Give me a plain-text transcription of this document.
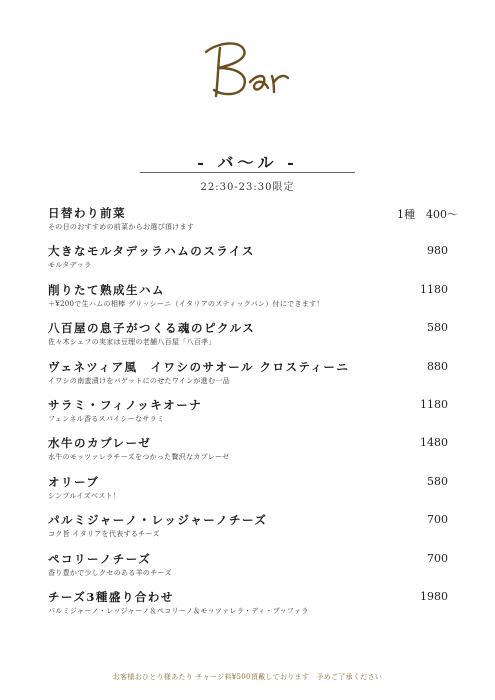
- バ～ル -
22:30-23:30限定
日替わり前菜
その日のおすすめの前菜からお選び頂けます
1種　400～
大きなモルタデッラハムのスライス
モルタデッラ
980
削りたて熟成生ハム
＋¥200で生ハムの相棒 グリッシーニ（イタリアのスティックパン）付にできます！
1180
八百屋の息子がつくる魂のピクルス
佐々木シェフの実家は豆理の老舗八百屋「八百孝」
580
ヴェネツィア風　イワシのサオール クロスティーニ
イワシの南蛮漬けをバゲットにのせたワインが進む一品
880
サラミ・フィノッキオーナ
フェンネル香るスパイシーなサラミ
1180
水牛のカプレーゼ
水牛のモッツァレラチーズをつかった贅沢なカプレーゼ
1480
オリーブ
シンプルイズベスト！
580
パルミジャーノ・レッジャーノチーズ
コク旨 イタリアを代表するチーズ
700
ペコリーノチーズ
香り豊かで少しクセのある羊のチーズ
700
チーズ3種盛り合わせ
パルミジャーノ・レッジャーノ＆ペコリーノ＆モッツァレラ・ディ・ブッファラ
1980
お客様おひとり様あたり チャージ料¥500頂戴しております　予めご了承ください
